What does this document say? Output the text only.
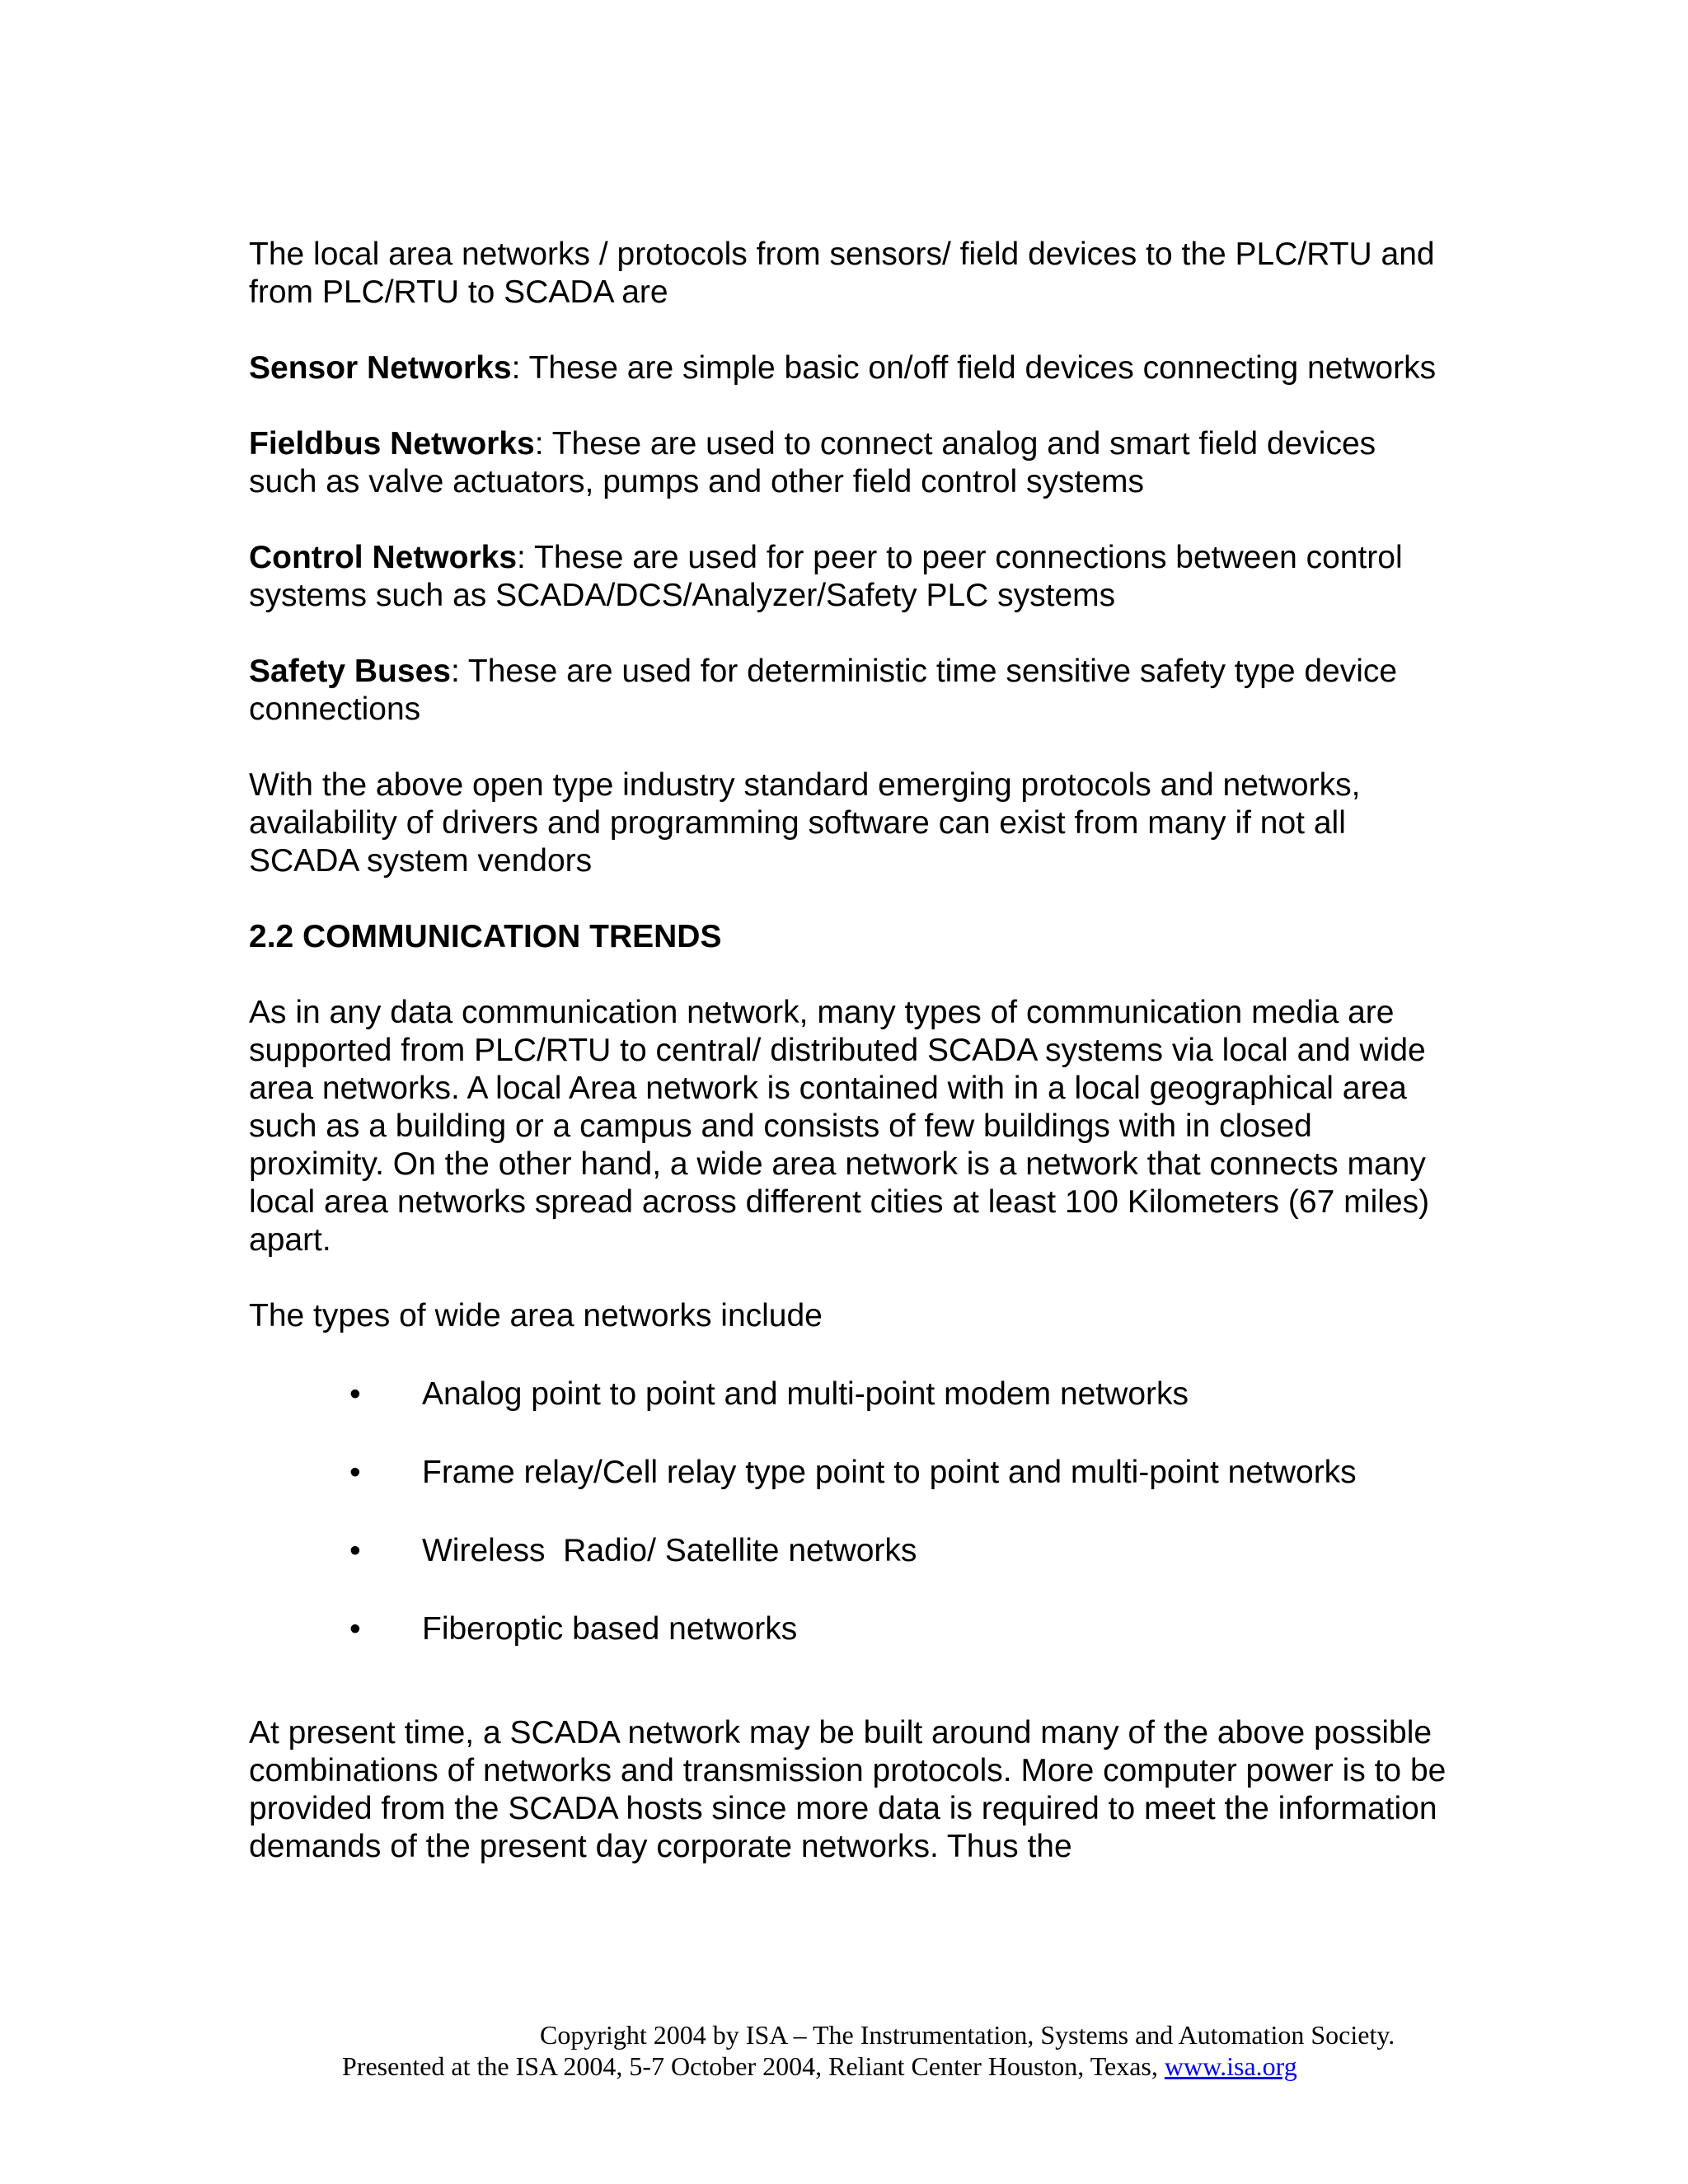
The local area networks / protocols from sensors/ field devices to the PLC/RTU and from PLC/RTU to SCADA are

Sensor Networks: These are simple basic on/off field devices connecting networks

Fieldbus Networks: These are used to connect analog and smart field devices such as valve actuators, pumps and other field control systems

Control Networks: These are used for peer to peer connections between control systems such as SCADA/DCS/Analyzer/Safety PLC systems

Safety Buses: These are used for deterministic time sensitive safety type device connections

With the above open type industry standard emerging protocols and networks, availability of drivers and programming software can exist from many if not all SCADA system vendors

2.2 COMMUNICATION TRENDS

As in any data communication network, many types of communication media are supported from PLC/RTU to central/ distributed SCADA systems via local and wide area networks. A local Area network is contained with in a local geographical area such as a building or a campus and consists of few buildings with in closed proximity. On the other hand, a wide area network is a network that connects many local area networks spread across different cities at least 100 Kilometers (67 miles) apart.

The types of wide area networks include

• Analog point to point and multi-point modem networks
• Frame relay/Cell relay type point to point and multi-point networks
• Wireless  Radio/ Satellite networks
• Fiberoptic based networks

At present time, a SCADA network may be built around many of the above possible combinations of networks and transmission protocols. More computer power is to be provided from the SCADA hosts since more data is required to meet the information demands of the present day corporate networks. Thus the

Copyright 2004 by ISA – The Instrumentation, Systems and Automation Society.
Presented at the ISA 2004, 5-7 October 2004, Reliant Center Houston, Texas, www.isa.org
